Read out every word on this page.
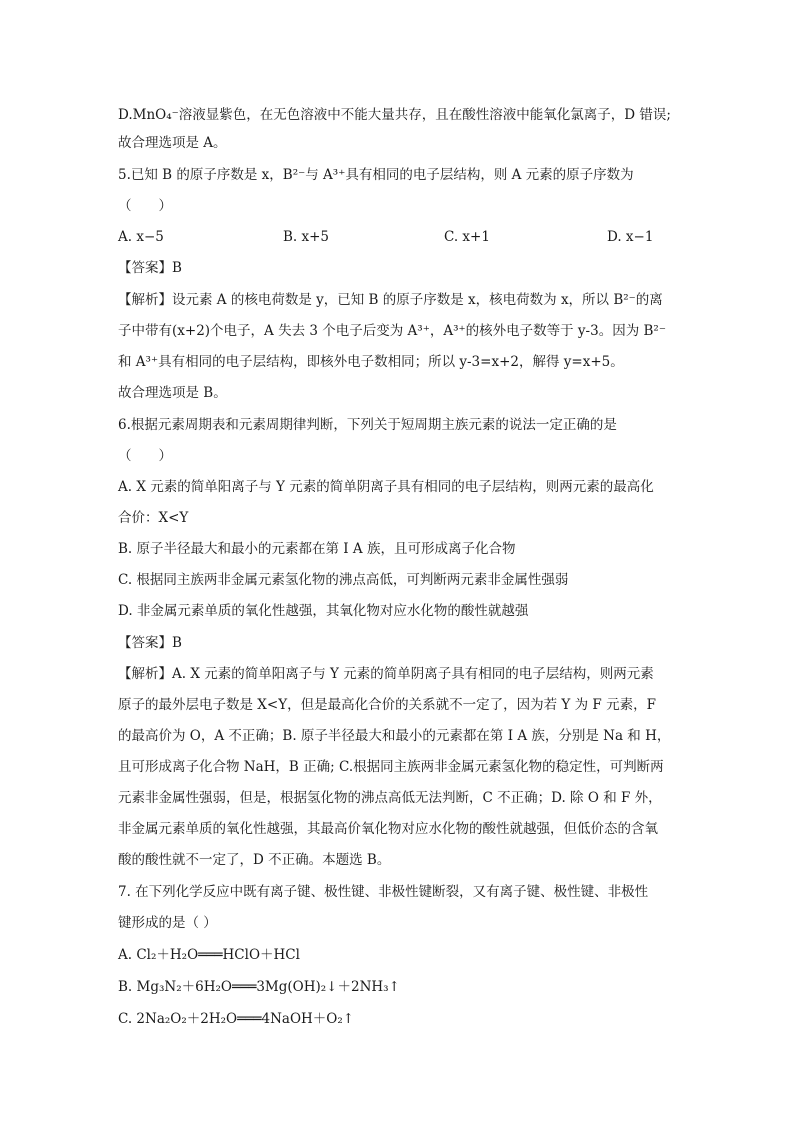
D.MnO₄⁻溶液显紫色，在无色溶液中不能大量共存，且在酸性溶液中能氧化氯离子，D 错误;
故合理选项是 A。
5.已知 B 的原子序数是 x，B²⁻与 A³⁺具有相同的电子层结构，则 A 元素的原子序数为
（　　）
A. x−5	B. x+5	C. x+1	D. x−1
【答案】B
【解析】设元素 A 的核电荷数是 y，已知 B 的原子序数是 x，核电荷数为 x，所以 B²⁻的离
子中带有(x+2)个电子，A 失去 3 个电子后变为 A³⁺，A³⁺的核外电子数等于 y-3。因为 B²⁻
和 A³⁺具有相同的电子层结构，即核外电子数相同；所以 y-3=x+2，解得 y=x+5。
故合理选项是 B。
6.根据元素周期表和元素周期律判断，下列关于短周期主族元素的说法一定正确的是
（　　）
A. X 元素的简单阳离子与 Y 元素的简单阴离子具有相同的电子层结构，则两元素的最高化
合价：X<Y
B. 原子半径最大和最小的元素都在第 I A 族，且可形成离子化合物
C. 根据同主族两非金属元素氢化物的沸点高低，可判断两元素非金属性强弱
D. 非金属元素单质的氧化性越强，其氧化物对应水化物的酸性就越强
【答案】B
【解析】A. X 元素的简单阳离子与 Y 元素的简单阴离子具有相同的电子层结构，则两元素
原子的最外层电子数是 X<Y，但是最高化合价的关系就不一定了，因为若 Y 为 F 元素，F
的最高价为 O，A 不正确；B. 原子半径最大和最小的元素都在第 I A 族，分别是 Na 和 H，
且可形成离子化合物 NaH，B 正确; C.根据同主族两非金属元素氢化物的稳定性，可判断两
元素非金属性强弱，但是，根据氢化物的沸点高低无法判断，C 不正确；D. 除 O 和 F 外，
非金属元素单质的氧化性越强，其最高价氧化物对应水化物的酸性就越强，但低价态的含氧
酸的酸性就不一定了，D 不正确。本题选 B。
7. 在下列化学反应中既有离子键、极性键、非极性键断裂，又有离子键、极性键、非极性
键形成的是（ ）
A. Cl₂＋H₂O═══HClO＋HCl
B. Mg₃N₂＋6H₂O═══3Mg(OH)₂↓＋2NH₃↑
C. 2Na₂O₂＋2H₂O═══4NaOH＋O₂↑
